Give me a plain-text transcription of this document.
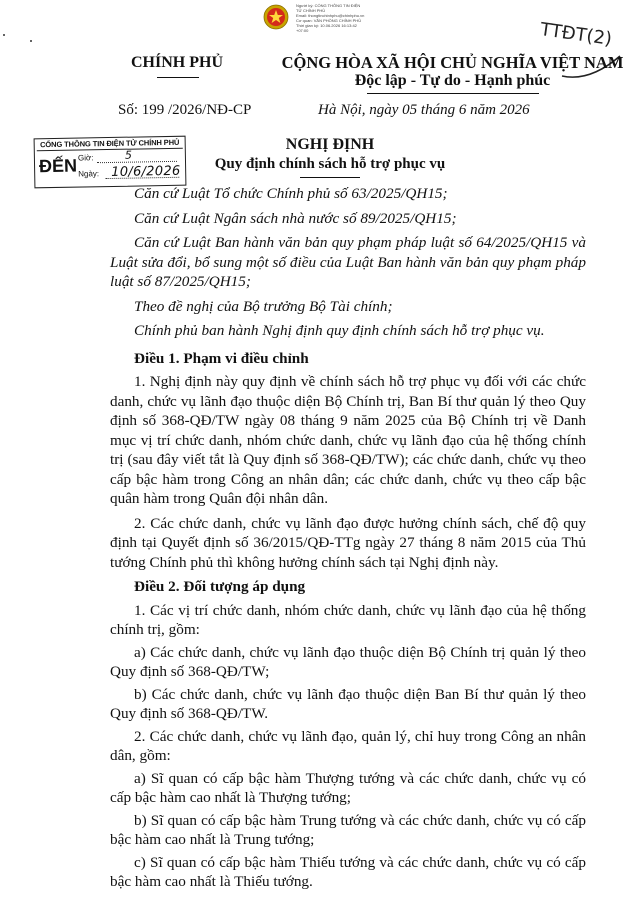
Người ký: CỔNG THÔNG TIN ĐIỆN
TỬ CHÍNH PHỦ
Email: thongtinchinhphu@chinhphu.vn
Cơ quan: VĂN PHÒNG CHÍNH PHỦ
Thời gian ký: 10.06.2026 16:13:42
+07:00	TTĐT(2)
CHÍNH PHỦ	CỘNG HÒA XÃ HỘI CHỦ NGHĨA VIỆT NAM
Độc lập - Tự do - Hạnh phúc
Số: 199 /2026/NĐ-CP	Hà Nội, ngày 05 tháng 6 năm 2026
CỔNG THÔNG TIN ĐIỆN TỬ CHÍNH PHỦ
ĐẾN Giờ:	5
Ngày: 10/6/2026
NGHỊ ĐỊNH
Quy định chính sách hỗ trợ phục vụ

Căn cứ Luật Tổ chức Chính phủ số 63/2025/QH15;

Căn cứ Luật Ngân sách nhà nước số 89/2025/QH15;

Căn cứ Luật Ban hành văn bản quy phạm pháp luật số 64/2025/QH15 và Luật sửa đổi, bổ sung một số điều của Luật Ban hành văn bản quy phạm pháp luật số 87/2025/QH15;

Theo đề nghị của Bộ trưởng Bộ Tài chính;

Chính phủ ban hành Nghị định quy định chính sách hỗ trợ phục vụ.

Điều 1. Phạm vi điều chỉnh

1. Nghị định này quy định về chính sách hỗ trợ phục vụ đối với các chức danh, chức vụ lãnh đạo thuộc diện Bộ Chính trị, Ban Bí thư quản lý theo Quy định số 368-QĐ/TW ngày 08 tháng 9 năm 2025 của Bộ Chính trị về Danh mục vị trí chức danh, nhóm chức danh, chức vụ lãnh đạo của hệ thống chính trị (sau đây viết tắt là Quy định số 368-QĐ/TW); các chức danh, chức vụ theo cấp bậc hàm trong Công an nhân dân; các chức danh, chức vụ theo cấp bậc quân hàm trong Quân đội nhân dân.

2. Các chức danh, chức vụ lãnh đạo được hưởng chính sách, chế độ quy định tại Quyết định số 36/2015/QĐ-TTg ngày 27 tháng 8 năm 2015 của Thủ tướng Chính phủ thì không hưởng chính sách tại Nghị định này.

Điều 2. Đối tượng áp dụng

1. Các vị trí chức danh, nhóm chức danh, chức vụ lãnh đạo của hệ thống chính trị, gồm:

a) Các chức danh, chức vụ lãnh đạo thuộc diện Bộ Chính trị quản lý theo Quy định số 368-QĐ/TW;

b) Các chức danh, chức vụ lãnh đạo thuộc diện Ban Bí thư quản lý theo Quy định số 368-QĐ/TW.

2. Các chức danh, chức vụ lãnh đạo, quản lý, chỉ huy trong Công an nhân dân, gồm:

a) Sĩ quan có cấp bậc hàm Thượng tướng và các chức danh, chức vụ có cấp bậc hàm cao nhất là Thượng tướng;

b) Sĩ quan có cấp bậc hàm Trung tướng và các chức danh, chức vụ có cấp bậc hàm cao nhất là Trung tướng;

c) Sĩ quan có cấp bậc hàm Thiếu tướng và các chức danh, chức vụ có cấp bậc hàm cao nhất là Thiếu tướng.
